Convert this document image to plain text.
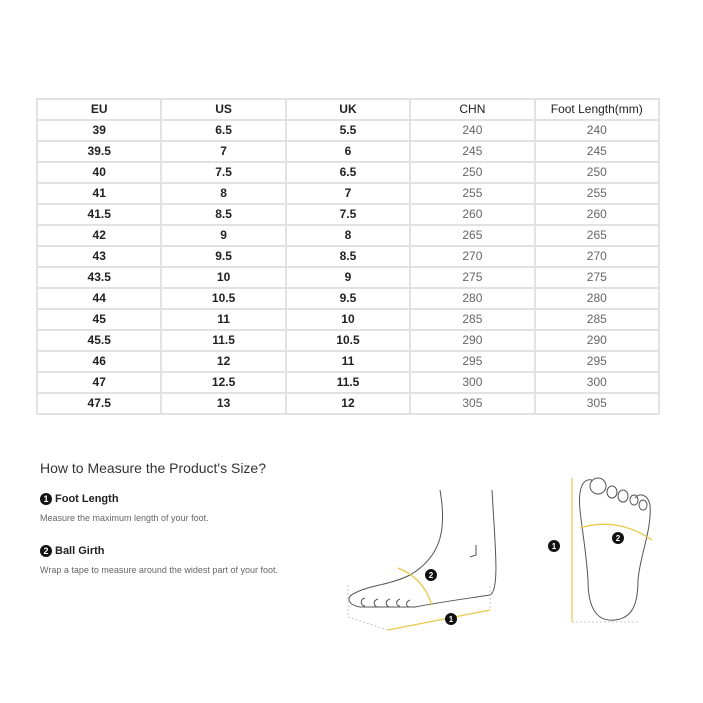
EU	US	UK	CHN	Foot Length(mm)
39	6.5	5.5	240	240
39.5	7	6	245	245
40	7.5	6.5	250	250
41	8	7	255	255
41.5	8.5	7.5	260	260
42	9	8	265	265
43	9.5	8.5	270	270
43.5	10	9	275	275
44	10.5	9.5	280	280
45	11	10	285	285
45.5	11.5	10.5	290	290
46	12	11	295	295
47	12.5	11.5	300	300
47.5	13	12	305	305
How to Measure the Product's Size?
1 Foot Length
Measure the maximum length of your foot.
2 Ball Girth
Wrap a tape to measure around the widest part of your foot.
2
1
1
2
